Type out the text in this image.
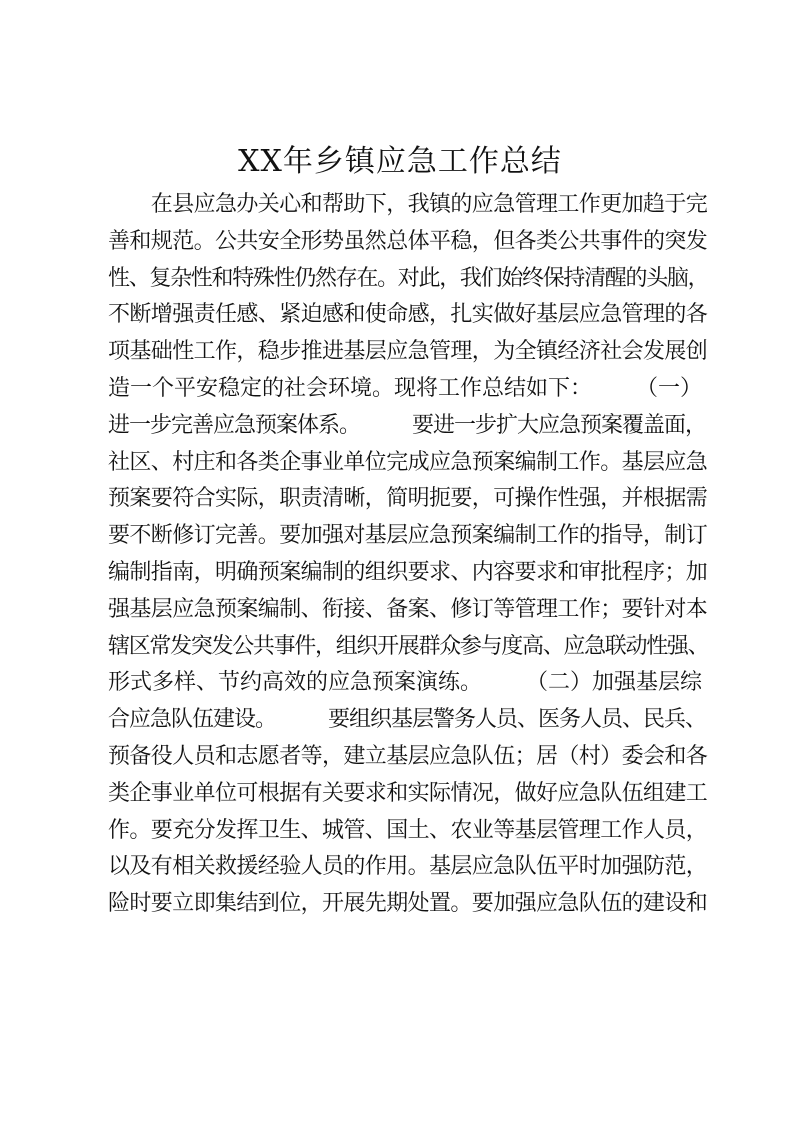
XX年乡镇应急工作总结
　　在县应急办关心和帮助下，我镇的应急管理工作更加趋于完
善和规范。公共安全形势虽然总体平稳，但各类公共事件的突发
性、复杂性和特殊性仍然存在。对此，我们始终保持清醒的头脑，
不断增强责任感、紧迫感和使命感，扎实做好基层应急管理的各
项基础性工作，稳步推进基层应急管理，为全镇经济社会发展创
造一个平安稳定的社会环境。现将工作总结如下：　　　（一）
进一步完善应急预案体系。　　　要进一步扩大应急预案覆盖面，
社区、村庄和各类企事业单位完成应急预案编制工作。基层应急
预案要符合实际，职责清晰，简明扼要，可操作性强，并根据需
要不断修订完善。要加强对基层应急预案编制工作的指导，制订
编制指南，明确预案编制的组织要求、内容要求和审批程序；加
强基层应急预案编制、衔接、备案、修订等管理工作；要针对本
辖区常发突发公共事件，组织开展群众参与度高、应急联动性强、
形式多样、节约高效的应急预案演练。　　　（二）加强基层综
合应急队伍建设。　　　要组织基层警务人员、医务人员、民兵、
预备役人员和志愿者等，建立基层应急队伍；居（村）委会和各
类企事业单位可根据有关要求和实际情况，做好应急队伍组建工
作。要充分发挥卫生、城管、国土、农业等基层管理工作人员，
以及有相关救援经验人员的作用。基层应急队伍平时加强防范，
险时要立即集结到位，开展先期处置。要加强应急队伍的建设和
